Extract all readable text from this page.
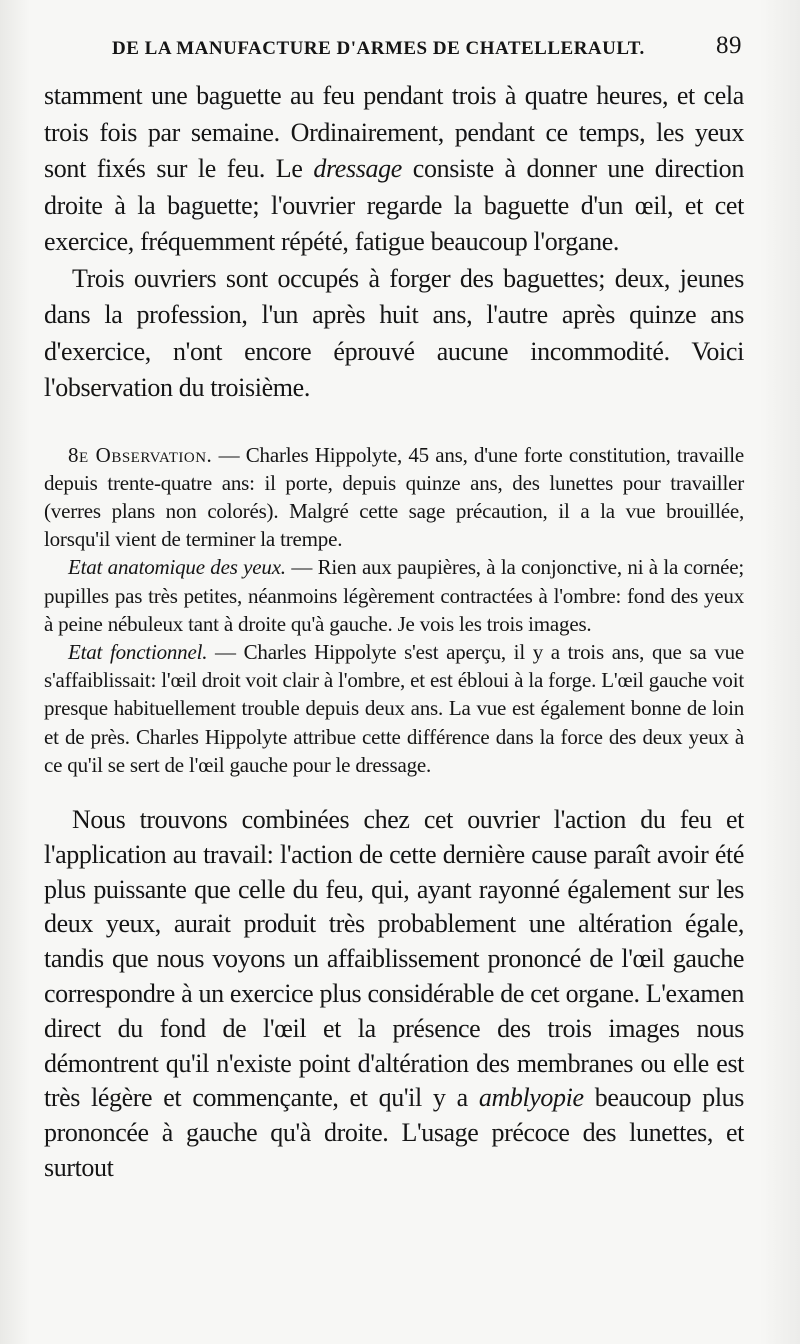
DE LA MANUFACTURE D'ARMES DE CHATELLERAULT.	89

stamment une baguette au feu pendant trois à quatre heures, et cela trois fois par semaine. Ordinairement, pendant ce temps, les yeux sont fixés sur le feu. Le dressage consiste à donner une direction droite à la baguette; l'ouvrier regarde la baguette d'un œil, et cet exercice, fréquemment répété, fatigue beaucoup l'organe.

Trois ouvriers sont occupés à forger des baguettes; deux, jeunes dans la profession, l'un après huit ans, l'autre après quinze ans d'exercice, n'ont encore éprouvé aucune incommodité. Voici l'observation du troisième.

8e Observation. — Charles Hippolyte, 45 ans, d'une forte constitution, travaille depuis trente-quatre ans: il porte, depuis quinze ans, des lunettes pour travailler (verres plans non colorés). Malgré cette sage précaution, il a la vue brouillée, lorsqu'il vient de terminer la trempe.

Etat anatomique des yeux. — Rien aux paupières, à la conjonctive, ni à la cornée; pupilles pas très petites, néanmoins légèrement contractées à l'ombre: fond des yeux à peine nébuleux tant à droite qu'à gauche. Je vois les trois images.

Etat fonctionnel. — Charles Hippolyte s'est aperçu, il y a trois ans, que sa vue s'affaiblissait: l'œil droit voit clair à l'ombre, et est ébloui à la forge. L'œil gauche voit presque habituellement trouble depuis deux ans. La vue est également bonne de loin et de près. Charles Hippolyte attribue cette différence dans la force des deux yeux à ce qu'il se sert de l'œil gauche pour le dressage.

Nous trouvons combinées chez cet ouvrier l'action du feu et l'application au travail: l'action de cette dernière cause paraît avoir été plus puissante que celle du feu, qui, ayant rayonné également sur les deux yeux, aurait produit très probablement une altération égale, tandis que nous voyons un affaiblissement prononcé de l'œil gauche correspondre à un exercice plus considérable de cet organe. L'examen direct du fond de l'œil et la présence des trois images nous démontrent qu'il n'existe point d'altération des membranes ou elle est très légère et commençante, et qu'il y a amblyopie beaucoup plus prononcée à gauche qu'à droite. L'usage précoce des lunettes, et surtout
